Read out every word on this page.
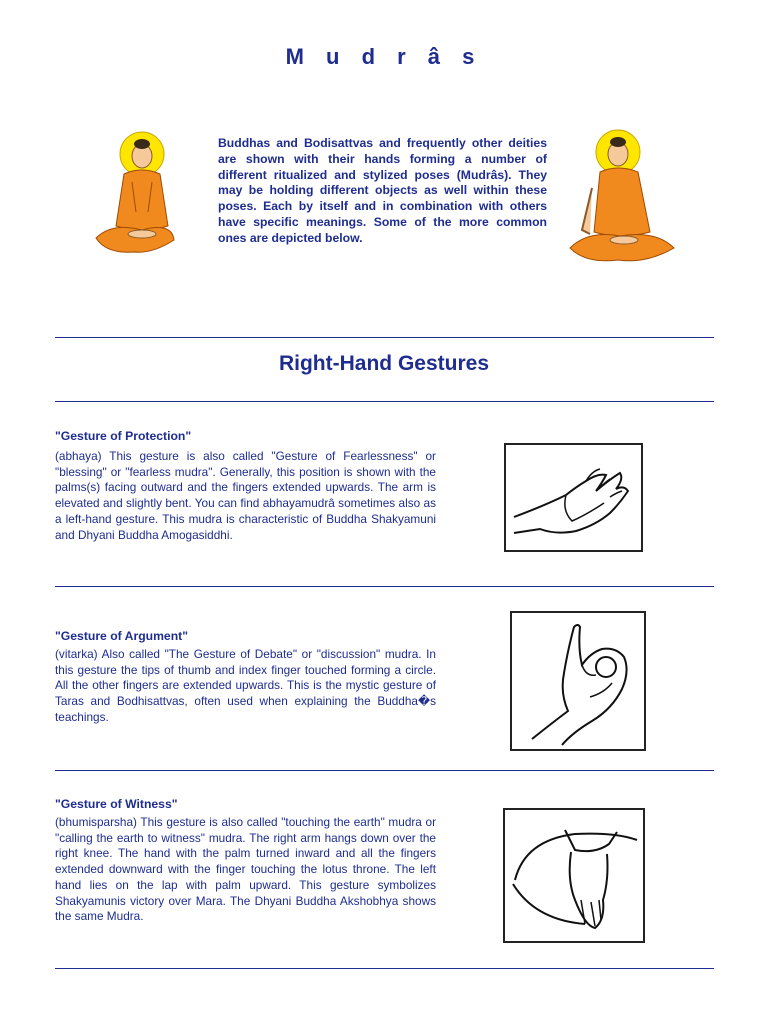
M u d r â s
Buddhas and Bodisattvas and frequently other deities are shown with their hands forming a number of different ritualized and stylized poses (Mudrâs). They may be holding different objects as well within these poses. Each by itself and in combination with others have specific meanings. Some of the more common ones are depicted below.
Right-Hand Gestures
"Gesture of Protection"
(abhaya) This gesture is also called "Gesture of Fearlessness" or "blessing" or "fearless mudra". Generally, this position is shown with the palms(s) facing outward and the fingers extended upwards. The arm is elevated and slightly bent. You can find abhayamudrâ sometimes also as a left-hand gesture. This mudra is characteristic of Buddha Shakyamuni and Dhyani Buddha Amogasiddhi.
"Gesture of Argument"
(vitarka) Also called "The Gesture of Debate" or "discussion" mudra. In this gesture the tips of thumb and index finger touched forming a circle. All the other fingers are extended upwards. This is the mystic gesture of Taras and Bodhisattvas, often used when explaining the Buddha�s teachings.
"Gesture of Witness"
(bhumisparsha) This gesture is also called "touching the earth" mudra or "calling the earth to witness" mudra. The right arm hangs down over the right knee. The hand with the palm turned inward and all the fingers extended downward with the finger touching the lotus throne. The left hand lies on the lap with palm upward. This gesture symbolizes Shakyamunis victory over Mara. The Dhyani Buddha Akshobhya shows the same Mudra.
